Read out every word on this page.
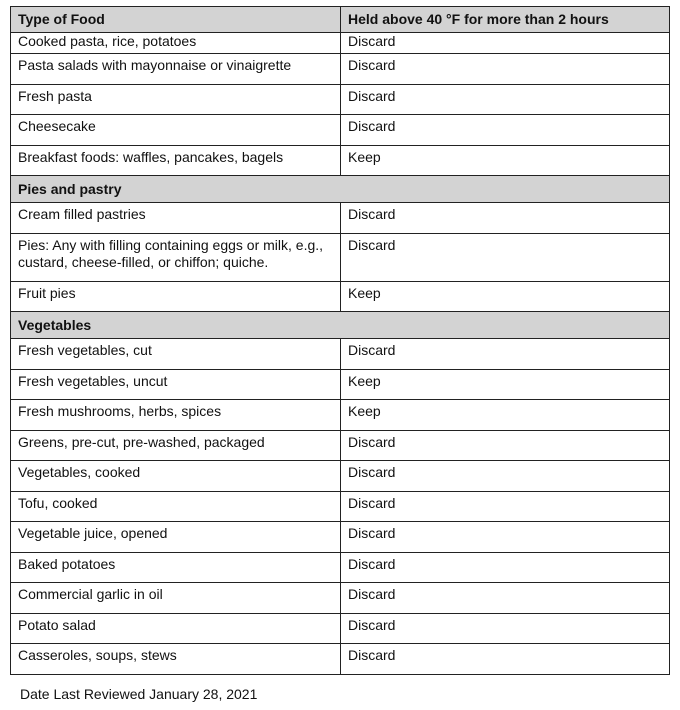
Type of Food	Held above 40 °F for more than 2 hours
Cooked pasta, rice, potatoes	Discard
Pasta salads with mayonnaise or vinaigrette	Discard
Fresh pasta	Discard
Cheesecake	Discard
Breakfast foods: waffles, pancakes, bagels	Keep
Pies and pastry	
Cream filled pastries	Discard
Pies: Any with filling containing eggs or milk, e.g., custard, cheese-filled, or chiffon; quiche.	Discard
Fruit pies	Keep
Vegetables	
Fresh vegetables, cut	Discard
Fresh vegetables, uncut	Keep
Fresh mushrooms, herbs, spices	Keep
Greens, pre-cut, pre-washed, packaged	Discard
Vegetables, cooked	Discard
Tofu, cooked	Discard
Vegetable juice, opened	Discard
Baked potatoes	Discard
Commercial garlic in oil	Discard
Potato salad	Discard
Casseroles, soups, stews	Discard
Date Last Reviewed January 28, 2021
